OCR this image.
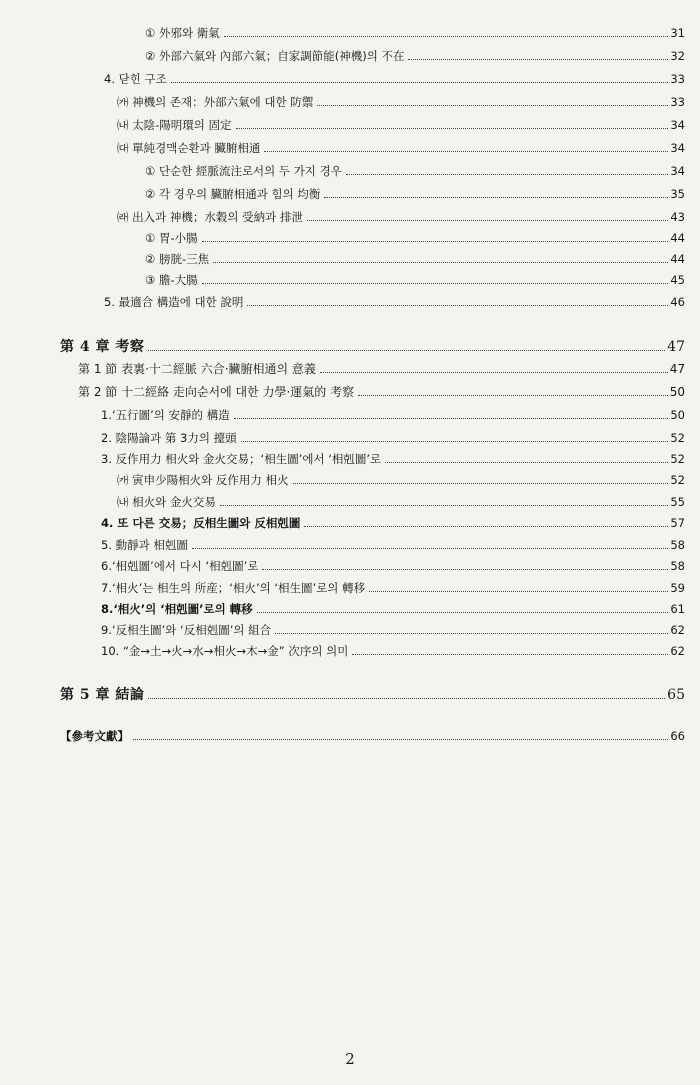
① 外邪와 衛氣	31
② 外部六氣와 內部六氣；自家調節能(神機)의 不在	32
4. 닫힌 구조	33
㈎ 神機의 존재：外部六氣에 대한 防禦	33
㈏ 太陰-陽明環의 固定	34
㈐ 單純경맥순환과 臟腑相通	34
① 단순한 經脈流注로서의 두 가지 경우	34
② 각 경우의 臟腑相通과 힘의 均衡	35
㈑ 出入과 神機；水穀의 受納과 排泄	43
① 胃-小腸	44
② 膀胱-三焦	44
③ 膽-大腸	45
5. 最適合 構造에 대한 說明	46
第 4 章 考察	47
第 1 節 表裏·十二經脈 六合·臟腑相通의 意義	47
第 2 節 十二經絡 走向순서에 대한 力學·運氣的 考察	50
1.‘五行圖’의 安靜的 構造	50
2. 陰陽論과 第 3力의 擡頭	52
3. 反作用力 相火와 金火交易；‘相生圖’에서 ‘相剋圖’로	52
㈎ 寅申少陽相火와 反作用力 相火	52
㈏ 相火와 金火交易	55
4. 또 다른 交易；反相生圖와 反相剋圖	57
5. 動靜과 相剋圖	58
6.‘相剋圖’에서 다시 ‘相剋圖’로	58
7.‘相火’는 相生의 所産；‘相火’의 ‘相生圖’로의 轉移	59
8.‘相火’의 ‘相剋圖’로의 轉移	61
9.‘反相生圖’와 ‘反相剋圖’의 組合	62
10. “金→土→火→水→相火→木→金” 次序의 의미	62
第 5 章 結論	65
【參考文獻】	66
2
